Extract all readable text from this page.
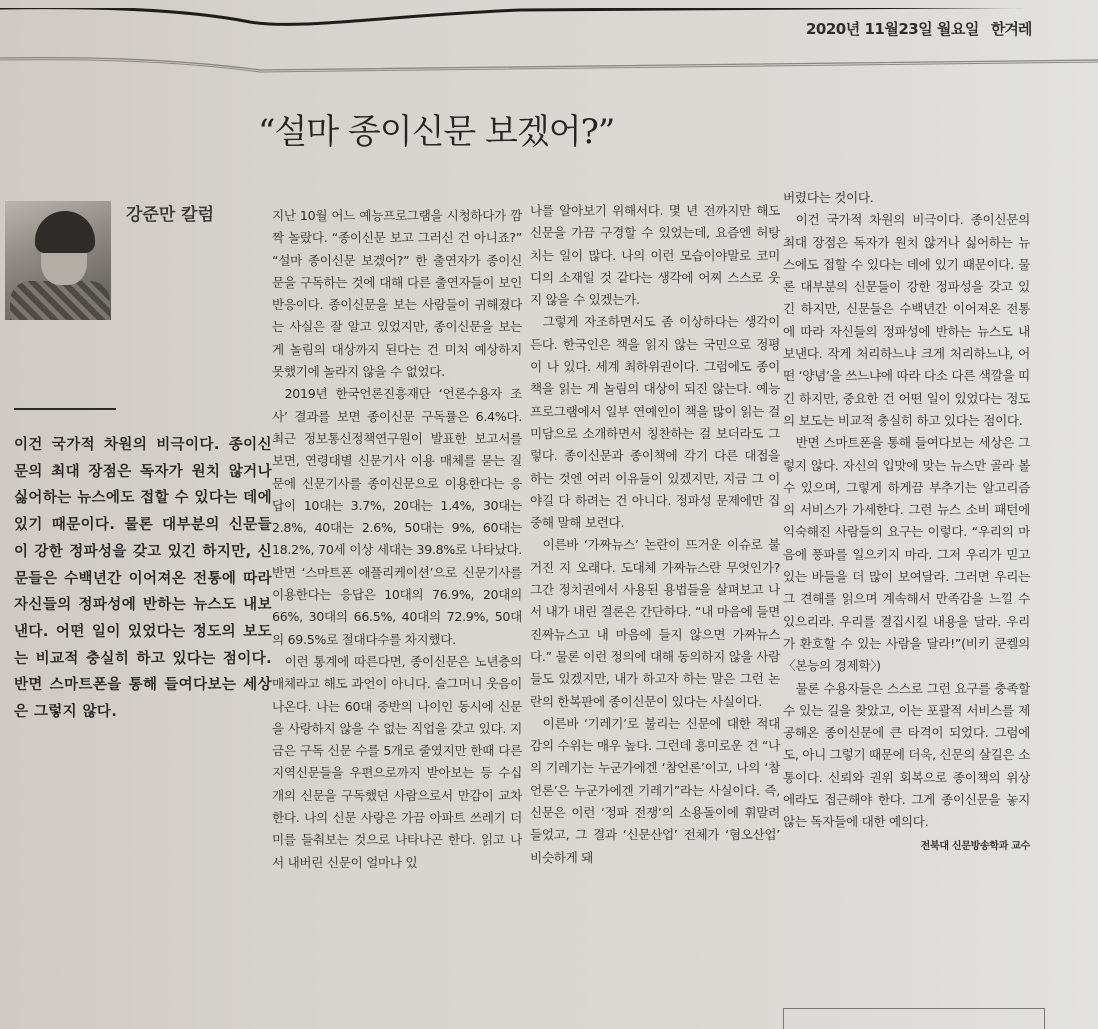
2020년 11월23일 월요일 한겨레
“설마 종이신문 보겠어?”
강준만 칼럼
이건 국가적 차원의 비극이다. 종이신문의 최대 장점은 독자가 원치 않거나 싫어하는 뉴스에도 접할 수 있다는 데에 있기 때문이다. 물론 대부분의 신문들이 강한 정파성을 갖고 있긴 하지만, 신문들은 수백년간 이어져온 전통에 따라 자신들의 정파성에 반하는 뉴스도 내보낸다. 어떤 일이 있었다는 정도의 보도는 비교적 충실히 하고 있다는 점이다. 반면 스마트폰을 통해 들여다보는 세상은 그렇지 않다.

지난 10월 어느 예능프로그램을 시청하다가 깜짝 놀랐다. “종이신문 보고 그러신 건 아니죠?” “설마 종이신문 보겠어?” 한 출연자가 종이신문을 구독하는 것에 대해 다른 출연자들이 보인 반응이다. 종이신문을 보는 사람들이 귀해졌다는 사실은 잘 알고 있었지만, 종이신문을 보는 게 놀림의 대상까지 된다는 건 미처 예상하지 못했기에 놀라지 않을 수 없었다.

2019년 한국언론진흥재단 ‘언론수용자 조사’ 결과를 보면 종이신문 구독률은 6.4%다. 최근 정보통신정책연구원이 발표한 보고서를 보면, 연령대별 신문기사 이용 매체를 묻는 질문에 신문기사를 종이신문으로 이용한다는 응답이 10대는 3.7%, 20대는 1.4%, 30대는 2.8%, 40대는 2.6%, 50대는 9%, 60대는 18.2%, 70세 이상 세대는 39.8%로 나타났다. 반면 ‘스마트폰 애플리케이션’으로 신문기사를 이용한다는 응답은 10대의 76.9%, 20대의 66%, 30대의 66.5%, 40대의 72.9%, 50대의 69.5%로 절대다수를 차지했다.

이런 통계에 따른다면, 종이신문은 노년층의 매체라고 해도 과언이 아니다. 슬그머니 웃음이 나온다. 나는 60대 중반의 나이인 동시에 신문을 사랑하지 않을 수 없는 직업을 갖고 있다. 지금은 구독 신문 수를 5개로 줄였지만 한때 다른 지역신문들을 우편으로까지 받아보는 등 수십개의 신문을 구독했던 사람으로서 만감이 교차한다. 나의 신문 사랑은 가끔 아파트 쓰레기 더미를 들춰보는 것으로 나타나곤 한다. 읽고 나서 내버린 신문이 얼마나 있

나를 알아보기 위해서다. 몇 년 전까지만 해도 신문을 가끔 구경할 수 있었는데, 요즘엔 허탕 치는 일이 많다. 나의 이런 모습이야말로 코미디의 소재일 것 같다는 생각에 어찌 스스로 웃지 않을 수 있겠는가.

그렇게 자조하면서도 좀 이상하다는 생각이 든다. 한국인은 책을 읽지 않는 국민으로 정평이 나 있다. 세계 최하위권이다. 그럼에도 종이책을 읽는 게 놀림의 대상이 되진 않는다. 예능프로그램에서 일부 연예인이 책을 많이 읽는 걸 미담으로 소개하면서 칭찬하는 걸 보더라도 그렇다. 종이신문과 종이책에 각기 다른 대접을 하는 것엔 여러 이유들이 있겠지만, 지금 그 이야길 다 하려는 건 아니다. 정파성 문제에만 집중해 말해 보련다.

이른바 ‘가짜뉴스’ 논란이 뜨거운 이슈로 불거진 지 오래다. 도대체 가짜뉴스란 무엇인가? 그간 정치권에서 사용된 용법들을 살펴보고 나서 내가 내린 결론은 간단하다. “내 마음에 들면 진짜뉴스고 내 마음에 들지 않으면 가짜뉴스다.” 물론 이런 정의에 대해 동의하지 않을 사람들도 있겠지만, 내가 하고자 하는 말은 그런 논란의 한복판에 종이신문이 있다는 사실이다.

이른바 ‘기레기’로 불리는 신문에 대한 적대감의 수위는 매우 높다. 그런데 흥미로운 건 “나의 기레기는 누군가에겐 ‘참언론’이고, 나의 ‘참언론’은 누군가에겐 기레기”라는 사실이다. 즉, 신문은 이런 ‘정파 전쟁’의 소용돌이에 휘말려들었고, 그 결과 ‘신문산업’ 전체가 ‘혐오산업’ 비슷하게 돼

버렸다는 것이다.

이건 국가적 차원의 비극이다. 종이신문의 최대 장점은 독자가 원치 않거나 싫어하는 뉴스에도 접할 수 있다는 데에 있기 때문이다. 물론 대부분의 신문들이 강한 정파성을 갖고 있긴 하지만, 신문들은 수백년간 이어져온 전통에 따라 자신들의 정파성에 반하는 뉴스도 내보낸다. 작게 처리하느냐 크게 처리하느냐, 어떤 ‘양념’을 쓰느냐에 따라 다소 다른 색깔을 띠긴 하지만, 중요한 건 어떤 일이 있었다는 정도의 보도는 비교적 충실히 하고 있다는 점이다.

반면 스마트폰을 통해 들여다보는 세상은 그렇지 않다. 자신의 입맛에 맞는 뉴스만 골라 볼 수 있으며, 그렇게 하게끔 부추기는 알고리즘의 서비스가 가세한다. 그런 뉴스 소비 패턴에 익숙해진 사람들의 요구는 이렇다. “우리의 마음에 풍파를 일으키지 마라. 그저 우리가 믿고 있는 바들을 더 많이 보여달라. 그러면 우리는 그 견해를 읽으며 계속해서 만족감을 느낄 수 있으리라. 우리를 결집시킬 내용을 달라. 우리가 환호할 수 있는 사람을 달라!”(비키 쿤켈의 〈본능의 경제학〉)

물론 수용자들은 스스로 그런 요구를 충족할 수 있는 길을 찾았고, 이는 포괄적 서비스를 제공해온 종이신문에 큰 타격이 되었다. 그럼에도, 아니 그렇기 때문에 더욱, 신문의 살길은 소통이다. 신뢰와 권위 회복으로 종이책의 위상에라도 접근해야 한다. 그게 종이신문을 놓지 않는 독자들에 대한 예의다.

전북대 신문방송학과 교수
